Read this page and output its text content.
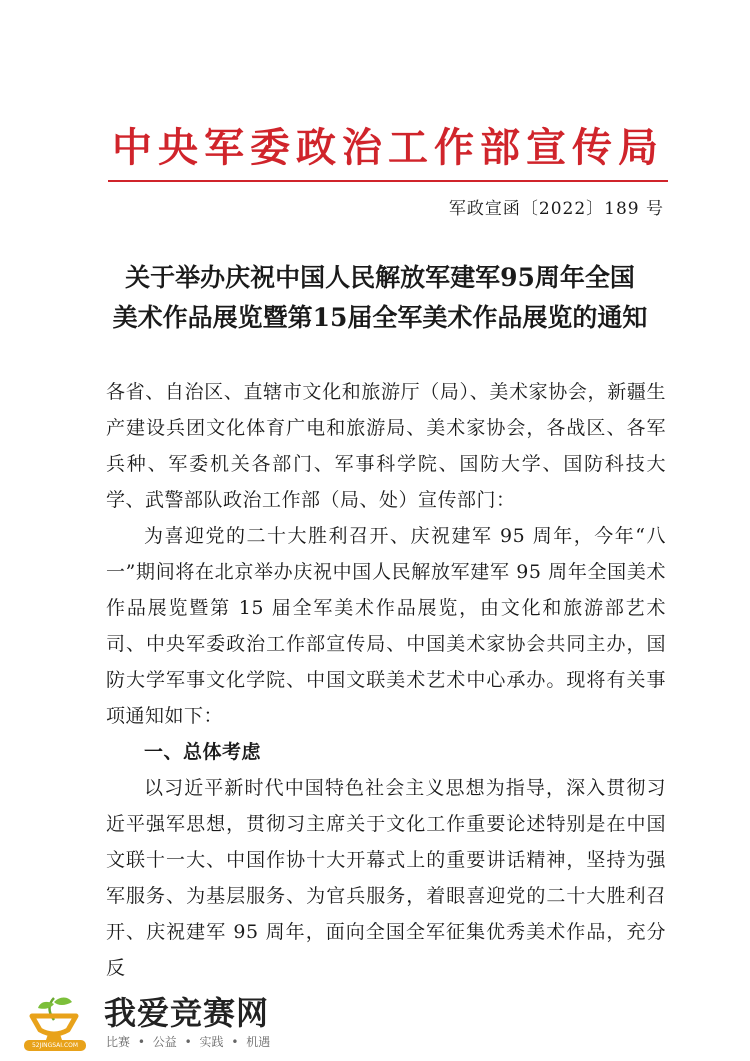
中央军委政治工作部宣传局
军政宣函〔2022〕189 号
关于举办庆祝中国人民解放军建军95周年全国
美术作品展览暨第15届全军美术作品展览的通知

各省、自治区、直辖市文化和旅游厅（局）、美术家协会，新疆生产建设兵团文化体育广电和旅游局、美术家协会，各战区、各军兵种、军委机关各部门、军事科学院、国防大学、国防科技大学、武警部队政治工作部（局、处）宣传部门：

为喜迎党的二十大胜利召开、庆祝建军 95 周年，今年“八一”期间将在北京举办庆祝中国人民解放军建军 95 周年全国美术作品展览暨第 15 届全军美术作品展览，由文化和旅游部艺术司、中央军委政治工作部宣传局、中国美术家协会共同主办，国防大学军事文化学院、中国文联美术艺术中心承办。现将有关事项通知如下：

一、总体考虑

以习近平新时代中国特色社会主义思想为指导，深入贯彻习近平强军思想，贯彻习主席关于文化工作重要论述特别是在中国文联十一大、中国作协十大开幕式上的重要讲话精神，坚持为强军服务、为基层服务、为官兵服务，着眼喜迎党的二十大胜利召开、庆祝建军 95 周年，面向全国全军征集优秀美术作品，充分反

52JINGSAI.COM
我爱竞赛网
比赛 • 公益 • 实践 • 机遇
